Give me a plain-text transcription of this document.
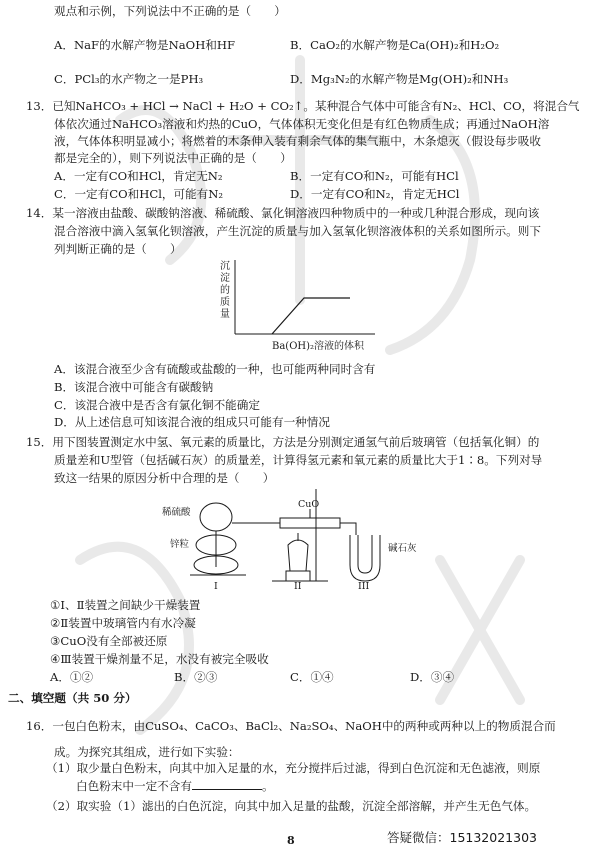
观点和示例，下列说法中不正确的是（　　）
A．NaF的水解产物是NaOH和HF	B．CaO₂的水解产物是Ca(OH)₂和H₂O₂
C．PCl₃的水产物之一是PH₃	D．Mg₃N₂的水解产物是Mg(OH)₂和NH₃
13．已知NaHCO₃ + HCl → NaCl + H₂O + CO₂↑。某种混合气体中可能含有N₂、HCl、CO，将混合气
体依次通过NaHCO₃溶液和灼热的CuO，气体体积无变化但是有红色物质生成；再通过NaOH溶
液，气体体积明显减小；将燃着的木条伸入装有剩余气体的集气瓶中，木条熄灭（假设每步吸收
都是完全的），则下列说法中正确的是（　　）
A．一定有CO和HCl，肯定无N₂	B．一定有CO和N₂，可能有HCl
C．一定有CO和HCl，可能有N₂	D．一定有CO和N₂，肯定无HCl
14．某一溶液由盐酸、碳酸钠溶液、稀硫酸、氯化铜溶液四种物质中的一种或几种混合形成，现向该
混合溶液中滴入氢氧化钡溶液，产生沉淀的质量与加入氢氧化钡溶液体积的关系如图所示。则下
列判断正确的是（　　）
沉
淀
的
质
量
Ba(OH)₂溶液的体积
A．该混合液至少含有硫酸或盐酸的一种，也可能两种同时含有
B．该混合液中可能含有碳酸钠
C．该混合液中是否含有氯化铜不能确定
D．从上述信息可知该混合液的组成只可能有一种情况
15．用下图装置测定水中氢、氧元素的质量比，方法是分别测定通氢气前后玻璃管（包括氧化铜）的
质量差和U型管（包括碱石灰）的质量差，计算得氢元素和氧元素的质量比大于1∶8。下列对导
致这一结果的原因分析中合理的是（　　）
稀硫酸
锌粒
CuO
碱石灰
I	II	III
①Ⅰ、Ⅱ装置之间缺少干燥装置
②Ⅱ装置中玻璃管内有水冷凝
③CuO没有全部被还原
④Ⅲ装置干燥剂量不足，水没有被完全吸收
A．①②	B．②③	C．①④	D．③④
二、填空题（共 50 分）
16．一包白色粉末，由CuSO₄、CaCO₃、BaCl₂、Na₂SO₄、NaOH中的两种或两种以上的物质混合而
成。为探究其组成，进行如下实验：
（1）取少量白色粉末，向其中加入足量的水，充分搅拌后过滤，得到白色沉淀和无色滤液，则原
白色粉末中一定不含有	。
（2）取实验（1）滤出的白色沉淀，向其中加入足量的盐酸，沉淀全部溶解，并产生无色气体。
8	答疑微信：15132021303
